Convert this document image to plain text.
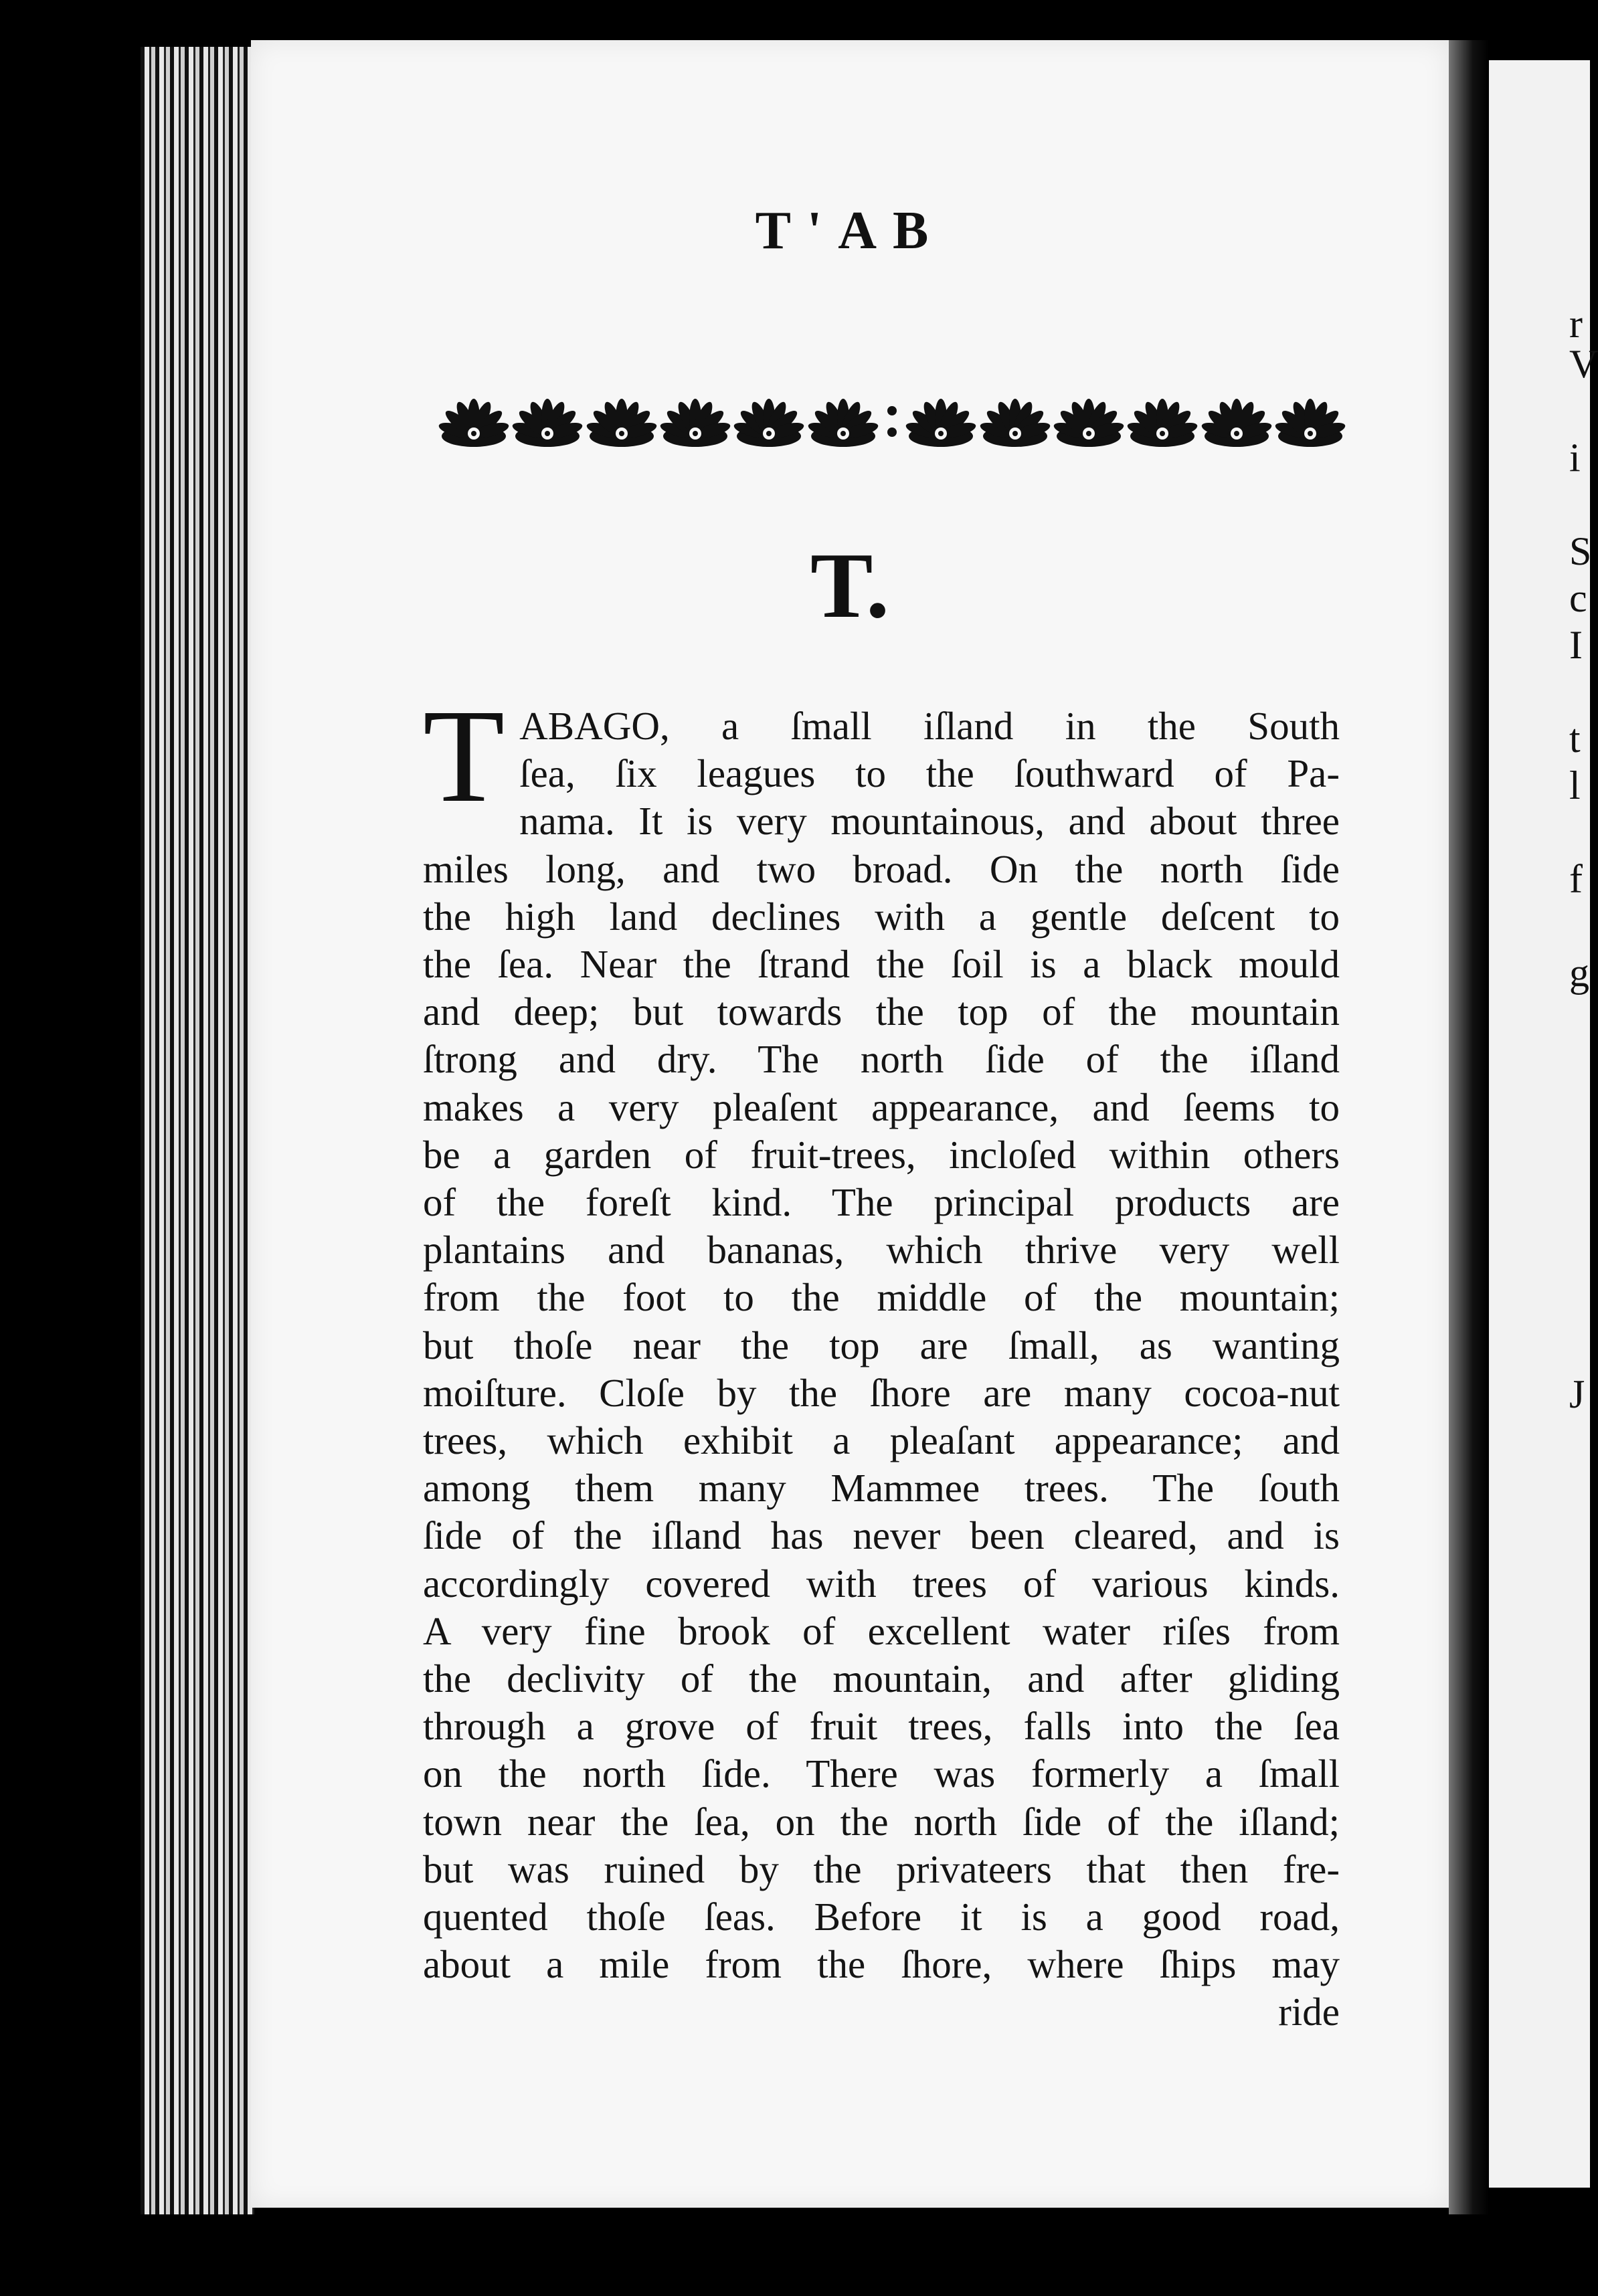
r
V
i
S
c
I
t
l
f
g
J
T'AB
T.
T ABAGO, a ſmall iſland in the South
ſea, ſix leagues to the ſouthward of Pa-
nama. It is very mountainous, and about three
miles long, and two broad. On the north ſide
the high land declines with a gentle deſcent to
the ſea. Near the ſtrand the ſoil is a black mould
and deep; but towards the top of the mountain
ſtrong and dry. The north ſide of the iſland
makes a very pleaſent appearance, and ſeems to
be a garden of fruit-trees, incloſed within others
of the foreſt kind. The principal products are
plantains and bananas, which thrive very well
from the foot to the middle of the mountain;
but thoſe near the top are ſmall, as wanting
moiſture. Cloſe by the ſhore are many cocoa-nut
trees, which exhibit a pleaſant appearance; and
among them many Mammee trees. The ſouth
ſide of the iſland has never been cleared, and is
accordingly covered with trees of various kinds.
A very fine brook of excellent water riſes from
the declivity of the mountain, and after gliding
through a grove of fruit trees, falls into the ſea
on the north ſide. There was formerly a ſmall
town near the ſea, on the north ſide of the iſland;
but was ruined by the privateers that then fre-
quented thoſe ſeas. Before it is a good road,
about a mile from the ſhore, where ſhips may
ride
